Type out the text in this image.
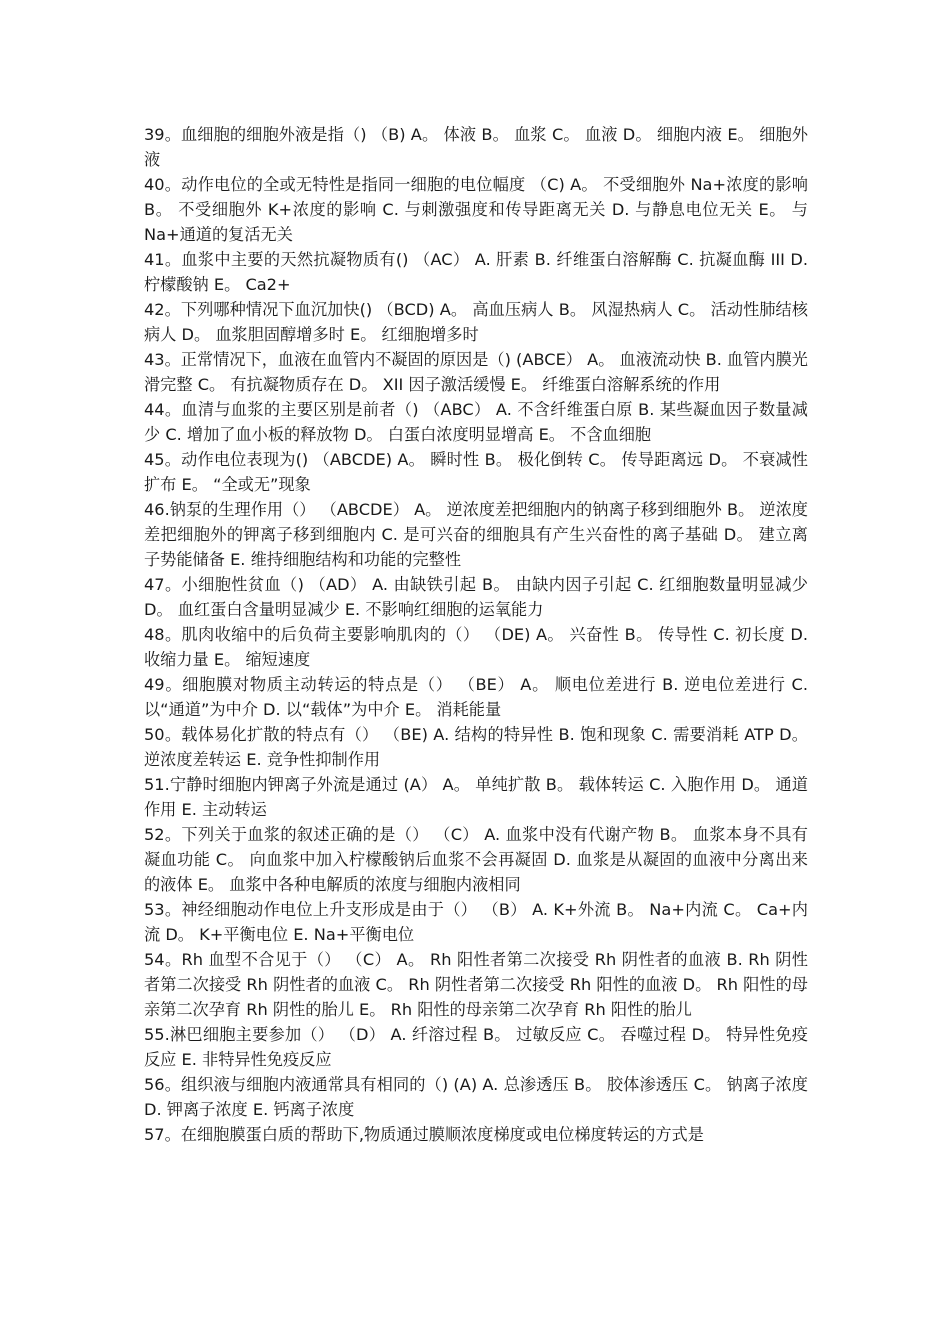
39。血细胞的细胞外液是指（) （B) A。 体液 B。 血浆 C。 血液 D。 细胞内液 E。 细胞外液

40。动作电位的全或无特性是指同一细胞的电位幅度 （C) A。 不受细胞外 Na+浓度的影响 B。 不受细胞外 K+浓度的影响 C. 与刺激强度和传导距离无关 D. 与静息电位无关 E。 与 Na+通道的复活无关

41。血浆中主要的天然抗凝物质有() （AC） A. 肝素 B. 纤维蛋白溶解酶 C. 抗凝血酶 III D. 柠檬酸钠 E。 Ca2+

42。下列哪种情况下血沉加快() （BCD) A。 高血压病人 B。 风湿热病人 C。 活动性肺结核病人 D。 血浆胆固醇增多时 E。 红细胞增多时

43。正常情况下，血液在血管内不凝固的原因是（) (ABCE） A。 血液流动快 B. 血管内膜光滑完整 C。 有抗凝物质存在 D。 XII 因子激活缓慢 E。 纤维蛋白溶解系统的作用

44。血清与血浆的主要区别是前者（) （ABC） A. 不含纤维蛋白原 B. 某些凝血因子数量减少 C. 增加了血小板的释放物 D。 白蛋白浓度明显增高 E。 不含血细胞

45。动作电位表现为() （ABCDE) A。 瞬时性 B。 极化倒转 C。 传导距离远 D。 不衰减性扩布 E。 “全或无”现象

46.钠泵的生理作用（） （ABCDE） A。 逆浓度差把细胞内的钠离子移到细胞外 B。 逆浓度差把细胞外的钾离子移到细胞内 C. 是可兴奋的细胞具有产生兴奋性的离子基础 D。 建立离子势能储备 E. 维持细胞结构和功能的完整性

47。小细胞性贫血（) （AD） A. 由缺铁引起 B。 由缺内因子引起 C. 红细胞数量明显减少 D。 血红蛋白含量明显减少 E. 不影响红细胞的运氧能力

48。肌肉收缩中的后负荷主要影响肌肉的（） （DE) A。 兴奋性 B。 传导性 C. 初长度 D. 收缩力量 E。 缩短速度

49。细胞膜对物质主动转运的特点是（） （BE） A。 顺电位差进行 B. 逆电位差进行 C. 以“通道”为中介 D. 以“载体”为中介 E。 消耗能量

50。载体易化扩散的特点有（） （BE) A. 结构的特异性 B. 饱和现象 C. 需要消耗 ATP D。 逆浓度差转运 E. 竞争性抑制作用

51.宁静时细胞内钾离子外流是通过 (A） A。 单纯扩散 B。 载体转运 C. 入胞作用 D。 通道作用 E. 主动转运

52。下列关于血浆的叙述正确的是（） （C） A. 血浆中没有代谢产物 B。 血浆本身不具有凝血功能 C。 向血浆中加入柠檬酸钠后血浆不会再凝固 D. 血浆是从凝固的血液中分离出来的液体 E。 血浆中各种电解质的浓度与细胞内液相同

53。神经细胞动作电位上升支形成是由于（） （B） A. K+外流 B。 Na+内流 C。 Ca+内流 D。 K+平衡电位 E. Na+平衡电位

54。Rh 血型不合见于（） （C） A。 Rh 阳性者第二次接受 Rh 阴性者的血液 B. Rh 阴性者第二次接受 Rh 阴性者的血液 C。 Rh 阴性者第二次接受 Rh 阳性的血液 D。 Rh 阳性的母亲第二次孕育 Rh 阴性的胎儿 E。 Rh 阳性的母亲第二次孕育 Rh 阳性的胎儿

55.淋巴细胞主要参加（） （D） A. 纤溶过程 B。 过敏反应 C。 吞噬过程 D。 特异性免疫反应 E. 非特异性免疫反应

56。组织液与细胞内液通常具有相同的（) (A) A. 总渗透压 B。 胶体渗透压 C。 钠离子浓度 D. 钾离子浓度 E. 钙离子浓度

57。在细胞膜蛋白质的帮助下,物质通过膜顺浓度梯度或电位梯度转运的方式是
